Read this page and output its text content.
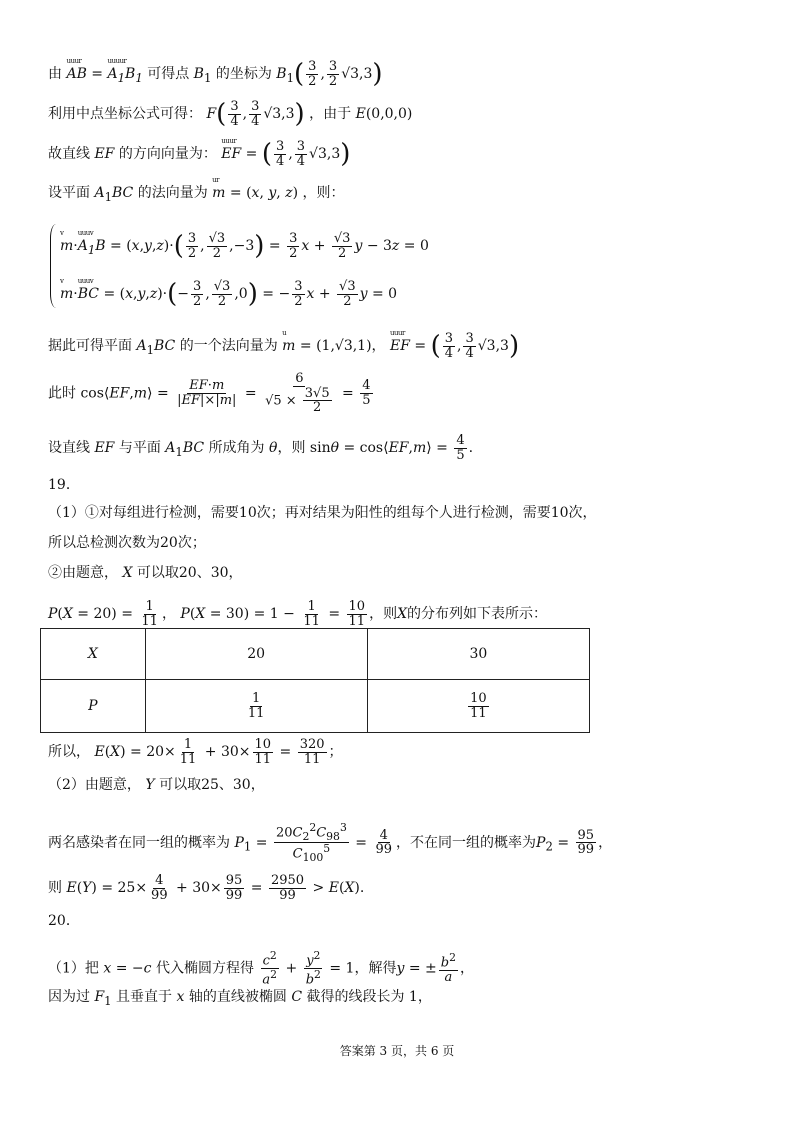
由 uuur AB = uuuur $A_1B_1$ 可得点 $B_1$ 的坐标为 $B_1( \frac{3}{2}$ , $\frac{3}{2} √3,3$)
利用中点坐标公式可得： $F( \frac{3}{4}$ , $\frac{3}{4} √3,3$) ，由于 E(0,0,0)
故直线 EF 的方向向量为： uuur EF = ( $\frac{3}{4}$ , $\frac{3}{4} √3,3$)
设平面 $A_1BC$ 的法向量为 ur m = (x, y, z) ，则：
v m·uuuv $A_1B = (x,y,z)\cdot( \frac{3}{2}$ , $\frac{√3}{2} ,-3) = \frac{3}{2}$ $x + \frac{√3}{2}$ y − 3z = 0
v m·uuuv BC = $(x,y,z)\cdot(- \frac{3}{2}$ , $\frac{√3}{2} ,0$) = − $\frac{3}{2}$ $x + \frac{√3}{2}$ y = 0
据此可得平面 $A_1BC$ 的一个法向量为 u m = (1,√3,1)， uuur EF = ( $\frac{3}{4}$ , $\frac{3}{4} √3,3$)
此时 cos⟨EF,m⟩ = $\frac{EF\cdot m}{|EF|\times|m|} = \frac{6}{√5 \times \frac{3√5}{2}} = \frac{4}{5}$
设直线 EF 与平面 $A_1BC$ 所成角为 θ，则 sinθ = cos⟨EF,m⟩ = $\frac{4}{5}$ .
19．
（1）①对每组进行检测，需要10次；再对结果为阳性的组每个人进行检测，需要10次，
所以总检测次数为20次；
②由题意， X 可以取20、30，
$P(X = 20) = \frac{1}{11}$ ， $P(X = 30) = 1 - \frac{1}{11} = \frac{10}{11}$ ，则X的分布列如下表所示：
X	20	30
P	$\frac{1}{11}$	$\frac{10}{11}$
所以， $E(X) = 20\times \frac{1}{11} + 30\times \frac{10}{11} = \frac{320}{11}$ ；
（2）由题意， Y 可以取25、30，
两名感染者在同一组的概率为 $P_1 = \frac{20C_2^2C_{98}^3}{C_{100}^5} = \frac{4}{99}$ ，不在同一组的概率为$P_2 = \frac{95}{99}$ ，
则 $E(Y) = 25\times \frac{4}{99} + 30\times \frac{95}{99} = \frac{2950}{99} > E(X)$.
20．
（1）把 x = −c 代入椭圆方程得 $\frac{c^2}{a^2} + \frac{y^2}{b^2} = 1$，解得y = ± $\frac{b^2}{a}$ ，
因为过 $F_1$ 且垂直于 x 轴的直线被椭圆 C 截得的线段长为 1，
答案第 3 页，共 6 页
